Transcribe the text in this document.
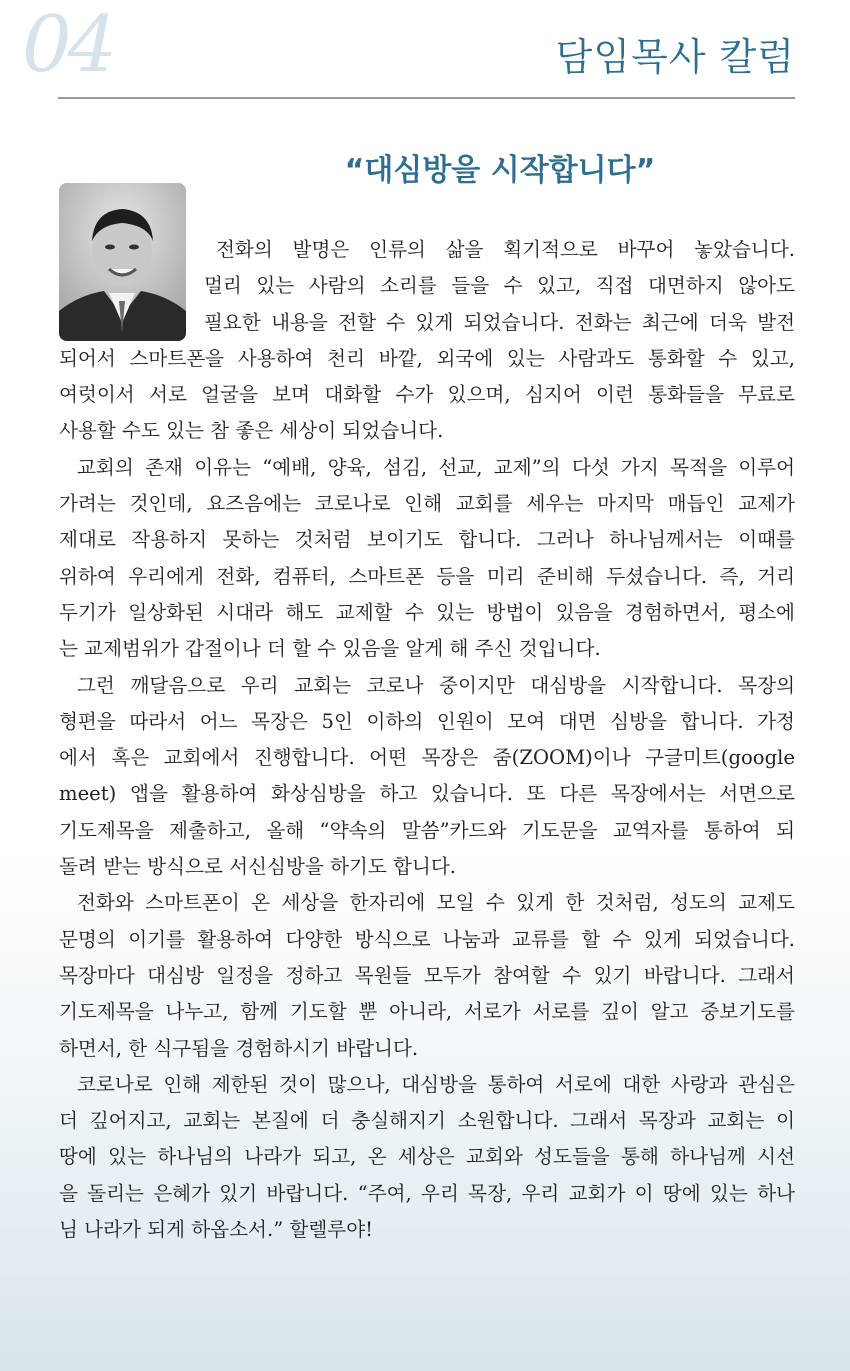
04	담임목사 칼럼
“대심방을 시작합니다”

전화의 발명은 인류의 삶을 획기적으로 바꾸어 놓았습니다.
멀리 있는 사람의 소리를 들을 수 있고, 직접 대면하지 않아도
필요한 내용을 전할 수 있게 되었습니다. 전화는 최근에 더욱 발전
되어서 스마트폰을 사용하여 천리 바깥, 외국에 있는 사람과도 통화할 수 있고,
여럿이서 서로 얼굴을 보며 대화할 수가 있으며, 심지어 이런 통화들을 무료로
사용할 수도 있는 참 좋은 세상이 되었습니다.

교회의 존재 이유는 “예배, 양육, 섬김, 선교, 교제”의 다섯 가지 목적을 이루어
가려는 것인데, 요즈음에는 코로나로 인해 교회를 세우는 마지막 매듭인 교제가
제대로 작용하지 못하는 것처럼 보이기도 합니다. 그러나 하나님께서는 이때를
위하여 우리에게 전화, 컴퓨터, 스마트폰 등을 미리 준비해 두셨습니다. 즉, 거리
두기가 일상화된 시대라 해도 교제할 수 있는 방법이 있음을 경험하면서, 평소에
는 교제범위가 갑절이나 더 할 수 있음을 알게 해 주신 것입니다.

그런 깨달음으로 우리 교회는 코로나 중이지만 대심방을 시작합니다. 목장의
형편을 따라서 어느 목장은 5인 이하의 인원이 모여 대면 심방을 합니다. 가정
에서 혹은 교회에서 진행합니다. 어떤 목장은 줌(ZOOM)이나 구글미트(google
meet) 앱을 활용하여 화상심방을 하고 있습니다. 또 다른 목장에서는 서면으로
기도제목을 제출하고, 올해 “약속의 말씀”카드와 기도문을 교역자를 통하여 되
돌려 받는 방식으로 서신심방을 하기도 합니다.

전화와 스마트폰이 온 세상을 한자리에 모일 수 있게 한 것처럼, 성도의 교제도
문명의 이기를 활용하여 다양한 방식으로 나눔과 교류를 할 수 있게 되었습니다.
목장마다 대심방 일정을 정하고 목원들 모두가 참여할 수 있기 바랍니다. 그래서
기도제목을 나누고, 함께 기도할 뿐 아니라, 서로가 서로를 깊이 알고 중보기도를
하면서, 한 식구됨을 경험하시기 바랍니다.

코로나로 인해 제한된 것이 많으나, 대심방을 통하여 서로에 대한 사랑과 관심은
더 깊어지고, 교회는 본질에 더 충실해지기 소원합니다. 그래서 목장과 교회는 이
땅에 있는 하나님의 나라가 되고, 온 세상은 교회와 성도들을 통해 하나님께 시선
을 돌리는 은혜가 있기 바랍니다. “주여, 우리 목장, 우리 교회가 이 땅에 있는 하나
님 나라가 되게 하옵소서.” 할렐루야!
